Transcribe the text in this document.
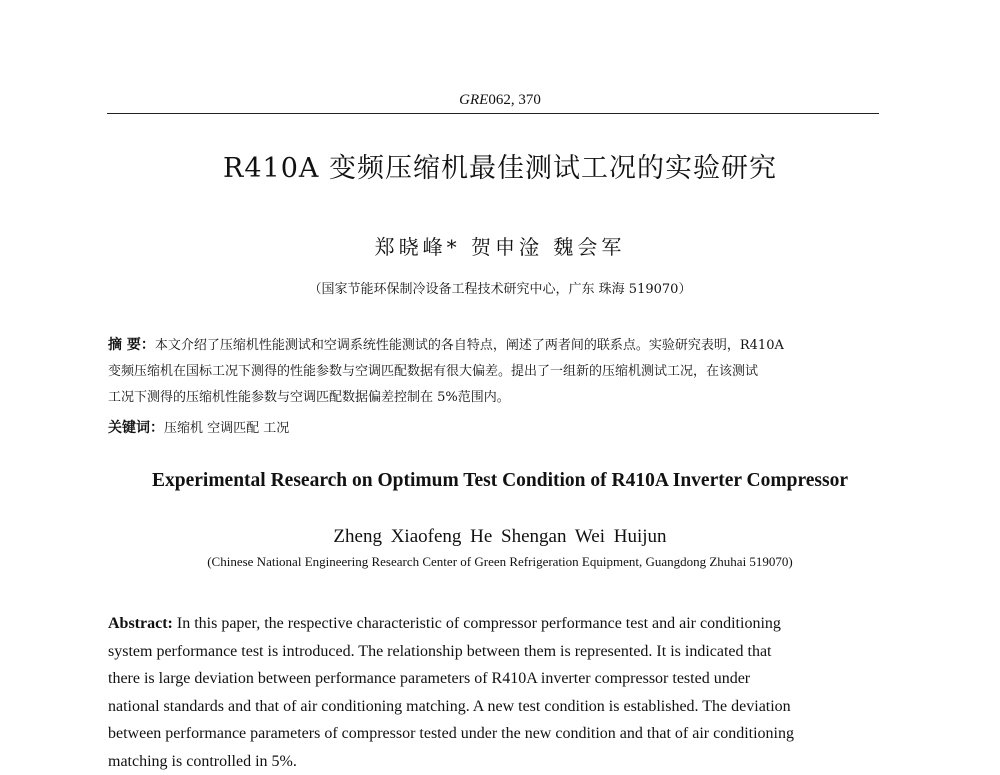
GRE062, 370
R410A 变频压缩机最佳测试工况的实验研究
郑晓峰* 贺申淦 魏会军
（国家节能环保制冷设备工程技术研究中心，广东 珠海 519070）
摘 要：本文介绍了压缩机性能测试和空调系统性能测试的各自特点，阐述了两者间的联系点。实验研究表明，R410A
变频压缩机在国标工况下测得的性能参数与空调匹配数据有很大偏差。提出了一组新的压缩机测试工况，在该测试
工况下测得的压缩机性能参数与空调匹配数据偏差控制在 5%范围内。
关键词：压缩机 空调匹配 工况
Experimental Research on Optimum Test Condition of R410A Inverter Compressor
Zheng Xiaofeng He Shengan Wei Huijun
(Chinese National Engineering Research Center of Green Refrigeration Equipment, Guangdong Zhuhai 519070)
Abstract: In this paper, the respective characteristic of compressor performance test and air conditioning
system performance test is introduced. The relationship between them is represented. It is indicated that
there is large deviation between performance parameters of R410A inverter compressor tested under
national standards and that of air conditioning matching. A new test condition is established. The deviation
between performance parameters of compressor tested under the new condition and that of air conditioning
matching is controlled in 5%.
